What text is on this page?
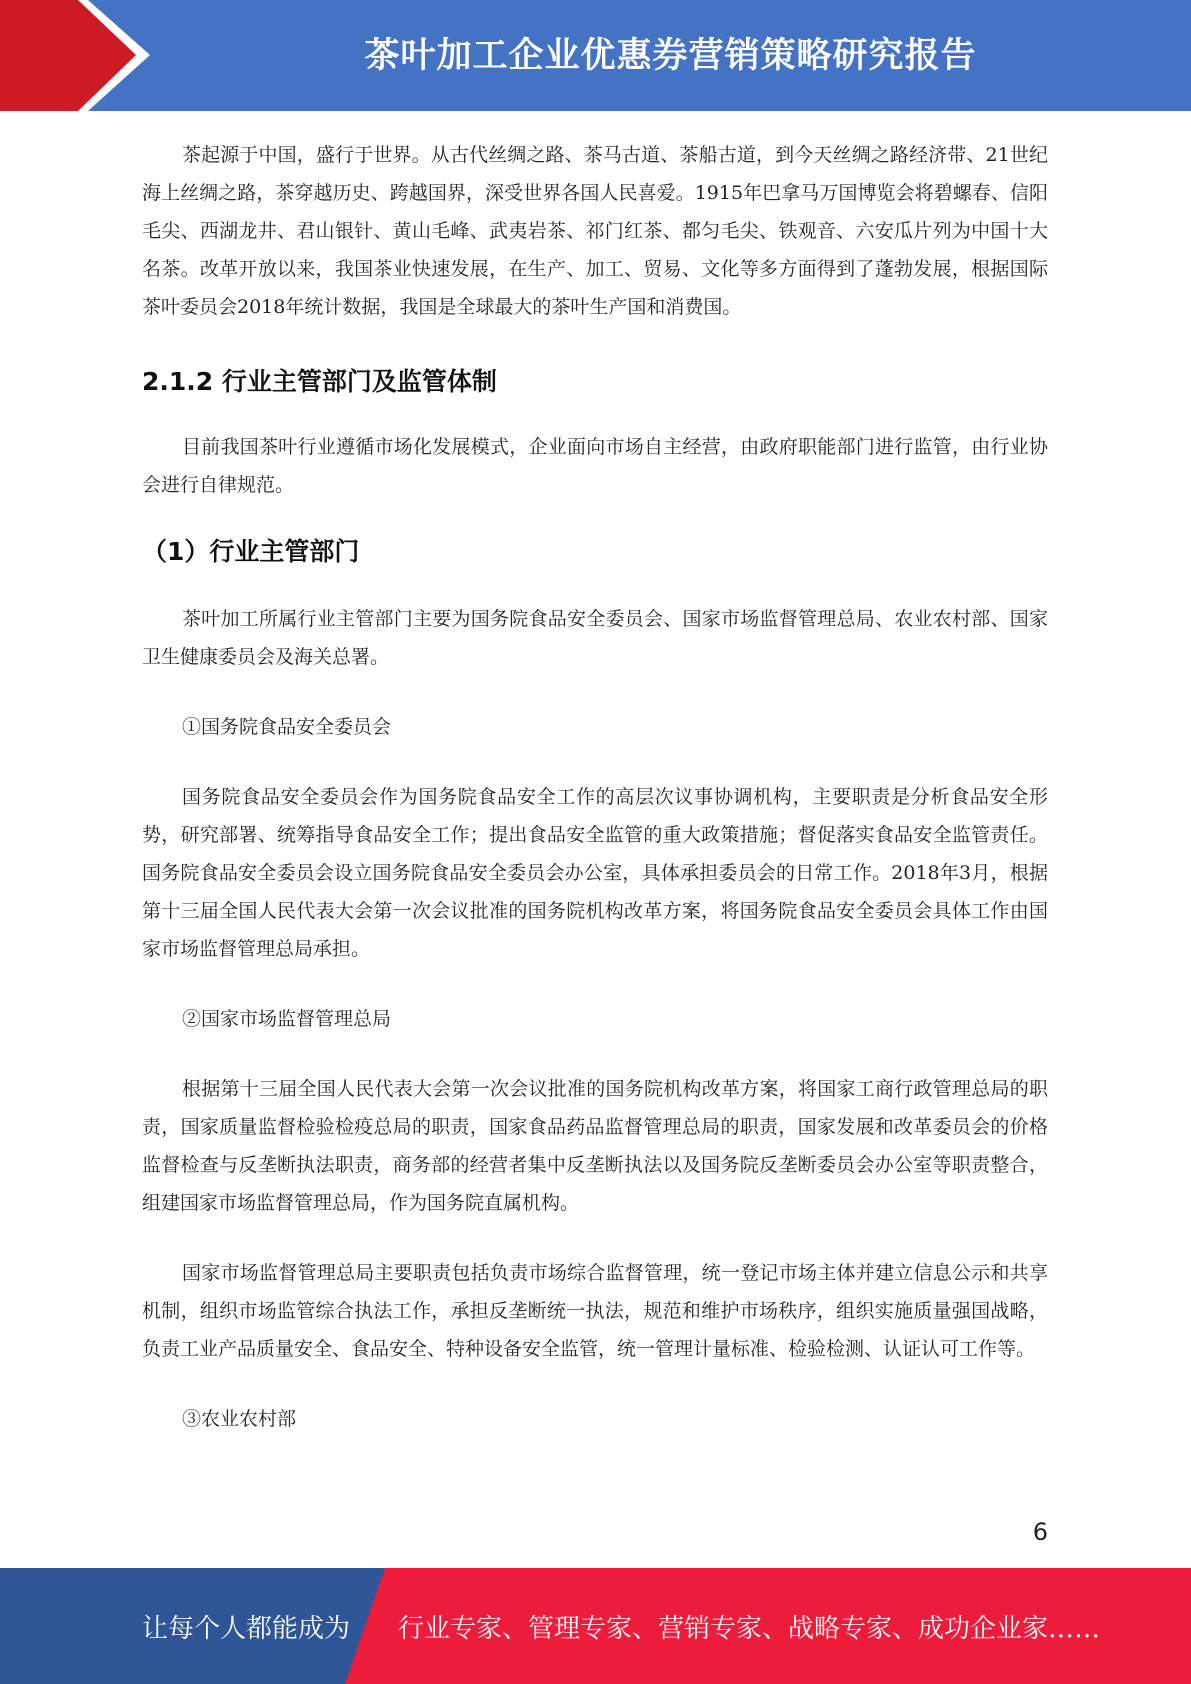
茶叶加工企业优惠券营销策略研究报告

茶起源于中国，盛行于世界。从古代丝绸之路、茶马古道、茶船古道，到今天丝绸之路经济带、21世纪海上丝绸之路，茶穿越历史、跨越国界，深受世界各国人民喜爱。1915年巴拿马万国博览会将碧螺春、信阳毛尖、西湖龙井、君山银针、黄山毛峰、武夷岩茶、祁门红茶、都匀毛尖、铁观音、六安瓜片列为中国十大名茶。改革开放以来，我国茶业快速发展，在生产、加工、贸易、文化等多方面得到了蓬勃发展，根据国际茶叶委员会2018年统计数据，我国是全球最大的茶叶生产国和消费国。

2.1.2 行业主管部门及监管体制

目前我国茶叶行业遵循市场化发展模式，企业面向市场自主经营，由政府职能部门进行监管，由行业协会进行自律规范。

（1）行业主管部门

茶叶加工所属行业主管部门主要为国务院食品安全委员会、国家市场监督管理总局、农业农村部、国家卫生健康委员会及海关总署。

①国务院食品安全委员会

国务院食品安全委员会作为国务院食品安全工作的高层次议事协调机构，主要职责是分析食品安全形势，研究部署、统筹指导食品安全工作；提出食品安全监管的重大政策措施；督促落实食品安全监管责任。国务院食品安全委员会设立国务院食品安全委员会办公室，具体承担委员会的日常工作。2018年3月，根据第十三届全国人民代表大会第一次会议批准的国务院机构改革方案，将国务院食品安全委员会具体工作由国家市场监督管理总局承担。

②国家市场监督管理总局

根据第十三届全国人民代表大会第一次会议批准的国务院机构改革方案，将国家工商行政管理总局的职责，国家质量监督检验检疫总局的职责，国家食品药品监督管理总局的职责，国家发展和改革委员会的价格监督检查与反垄断执法职责，商务部的经营者集中反垄断执法以及国务院反垄断委员会办公室等职责整合，组建国家市场监督管理总局，作为国务院直属机构。

国家市场监督管理总局主要职责包括负责市场综合监督管理，统一登记市场主体并建立信息公示和共享机制，组织市场监管综合执法工作，承担反垄断统一执法，规范和维护市场秩序，组织实施质量强国战略，负责工业产品质量安全、食品安全、特种设备安全监管，统一管理计量标准、检验检测、认证认可工作等。

③农业农村部

6
让每个人都能成为 行业专家、管理专家、营销专家、战略专家、成功企业家……
